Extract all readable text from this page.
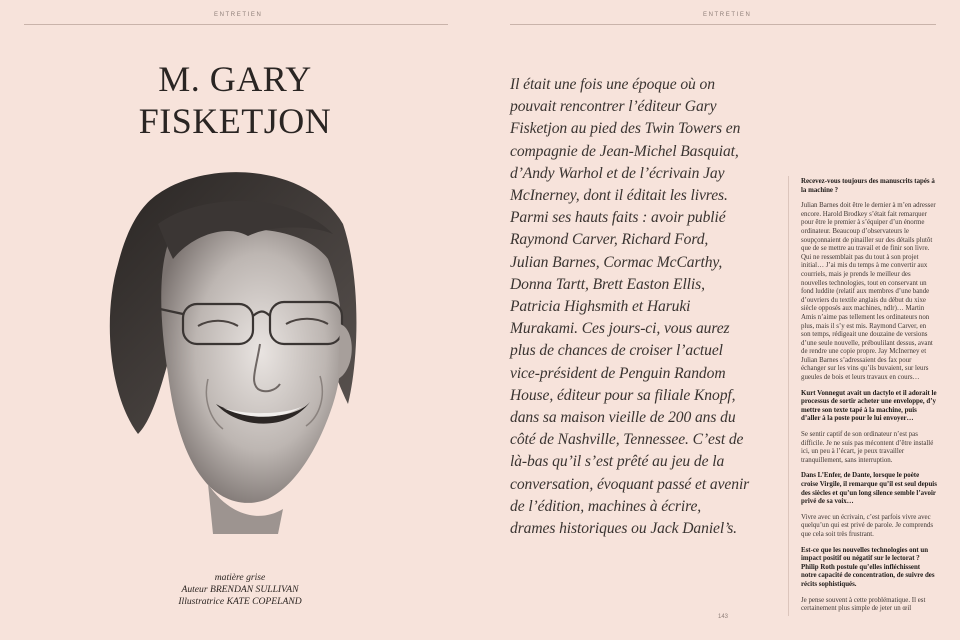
ENTRETIEN	ENTRETIEN
M. GARY FISKETJON
matière grise
Auteur BRENDAN SULLIVAN
Illustratrice KATE COPELAND
Il était une fois une époque où on pouvait rencontrer l’éditeur Gary Fisketjon au pied des Twin Towers en compagnie de Jean-Michel Basquiat, d’Andy Warhol et de l’écrivain Jay McInerney, dont il éditait les livres. Parmi ses hauts faits : avoir publié Raymond Carver, Richard Ford, Julian Barnes, Cormac McCarthy, Donna Tartt, Brett Easton Ellis, Patricia Highsmith et Haruki Murakami. Ces jours-ci, vous aurez plus de chances de croiser l’actuel vice-président de Penguin Random House, éditeur pour sa filiale Knopf, dans sa maison vieille de 200 ans du côté de Nashville, Tennessee. C’est de là-bas qu’il s’est prêté au jeu de la conversation, évoquant passé et avenir de l’édition, machines à écrire, drames historiques ou Jack Daniel’s.

Recevez-vous toujours des manuscrits tapés à la machine ?

Julian Barnes doit être le dernier à m’en adresser encore. Harold Brodkey s’était fait remarquer pour être le premier à s’équiper d’un énorme ordinateur. Beaucoup d’observateurs le soupçonnaient de pinailler sur des détails plutôt que de se mettre au travail et de finir son livre. Qui ne ressemblait pas du tout à son projet initial… J’ai mis du temps à me convertir aux courriels, mais je prends le meilleur des nouvelles technologies, tout en conservant un fond luddite (relatif aux membres d’une bande d’ouvriers du textile anglais du début du xixe siècle opposés aux machines, ndlr)… Martin Amis n’aime pas tellement les ordinateurs non plus, mais il s’y est mis. Raymond Carver, en son temps, rédigeait une douzaine de versions d’une seule nouvelle, préboulilant dessus, avant de rendre une copie propre. Jay McInerney et Julian Barnes s’adressaient des fax pour échanger sur les vins qu’ils buvaient, sur leurs gueules de bois et leurs travaux en cours…

Kurt Vonnegut avait un dactylo et il adorait le processus de sortir acheter une enveloppe, d’y mettre son texte tapé à la machine, puis d’aller à la poste pour le lui envoyer…

Se sentir captif de son ordinateur n’est pas difficile. Je ne suis pas mécontent d’être installé ici, un peu à l’écart, je peux travailler tranquillement, sans interruption.

Dans L’Enfer, de Dante, lorsque le poète croise Virgile, il remarque qu’il est seul depuis des siècles et qu’un long silence semble l’avoir privé de sa voix…

Vivre avec un écrivain, c’est parfois vivre avec quelqu’un qui est privé de parole. Je comprends que cela soit très frustrant.

Est-ce que les nouvelles technologies ont un impact positif ou négatif sur le lectorat ? Philip Roth postule qu’elles infléchissent notre capacité de concentration, de suivre des récits sophistiqués.

Je pense souvent à cette problématique. Il est certainement plus simple de jeter un œil

143
